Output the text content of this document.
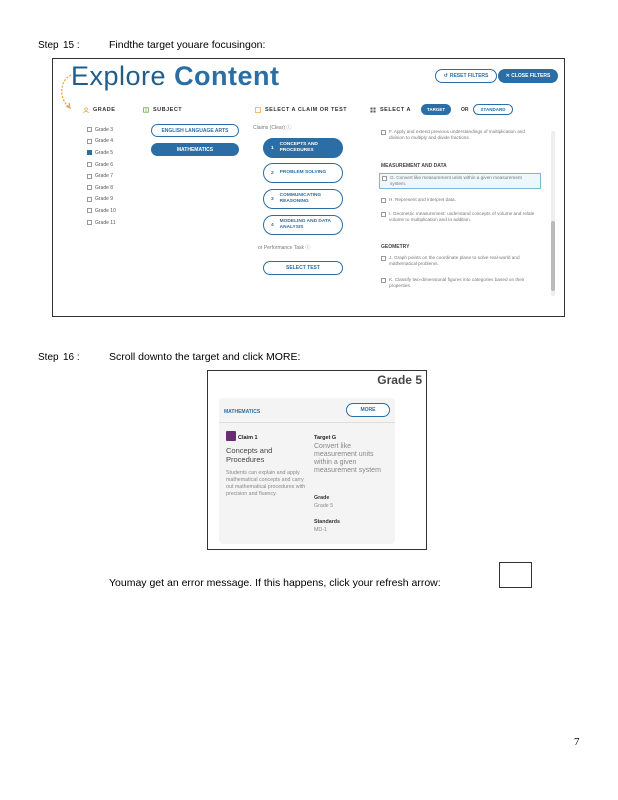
Step 15 :	Findthe target youare focusingon:
Explore Content	↺ RESET FILTERS	✕ CLOSE FILTERS
GRADE	SUBJECT	SELECT A CLAIM OR TEST	SELECT A	TARGET	OR	STANDARD
Grade 3
Grade 4
Grade 5
Grade 6
Grade 7
Grade 8
Grade 9
Grade 10
Grade 11
ENGLISH LANGUAGE ARTS
MATHEMATICS
Claims (Clear) ⓘ
1
CONCEPTS AND PROCEDURES
2 PROBLEM SOLVING
3
COMMUNICATING REASONING
4
MODELING AND DATA ANALYSIS
or Performance Task ⓘ
SELECT TEST
F. Apply and extend previous understandings of multiplication and division to multiply and divide fractions.
MEASUREMENT AND DATA
G. Convert like measurement units within a given measurement system.
H. Represent and interpret data.
I. Geometric measurement: understand concepts of volume and relate volume to multiplication and to addition.
GEOMETRY
J. Graph points on the coordinate plane to solve real-world and mathematical problems.
K. Classify two-dimensional figures into categories based on their properties.
Step 16 :	Scroll downto the target and click MORE:
Grade 5
MATHEMATICS	MORE
Claim 1
Concepts and Procedures
Students can explain and apply mathematical concepts and carry out mathematical procedures with precision and fluency.
Target G
Convert like measurement units within a given measurement system
Grade
Grade 5
Standards
MD-1
Youmay get an error message. If this happens, click your refresh arrow:
7
